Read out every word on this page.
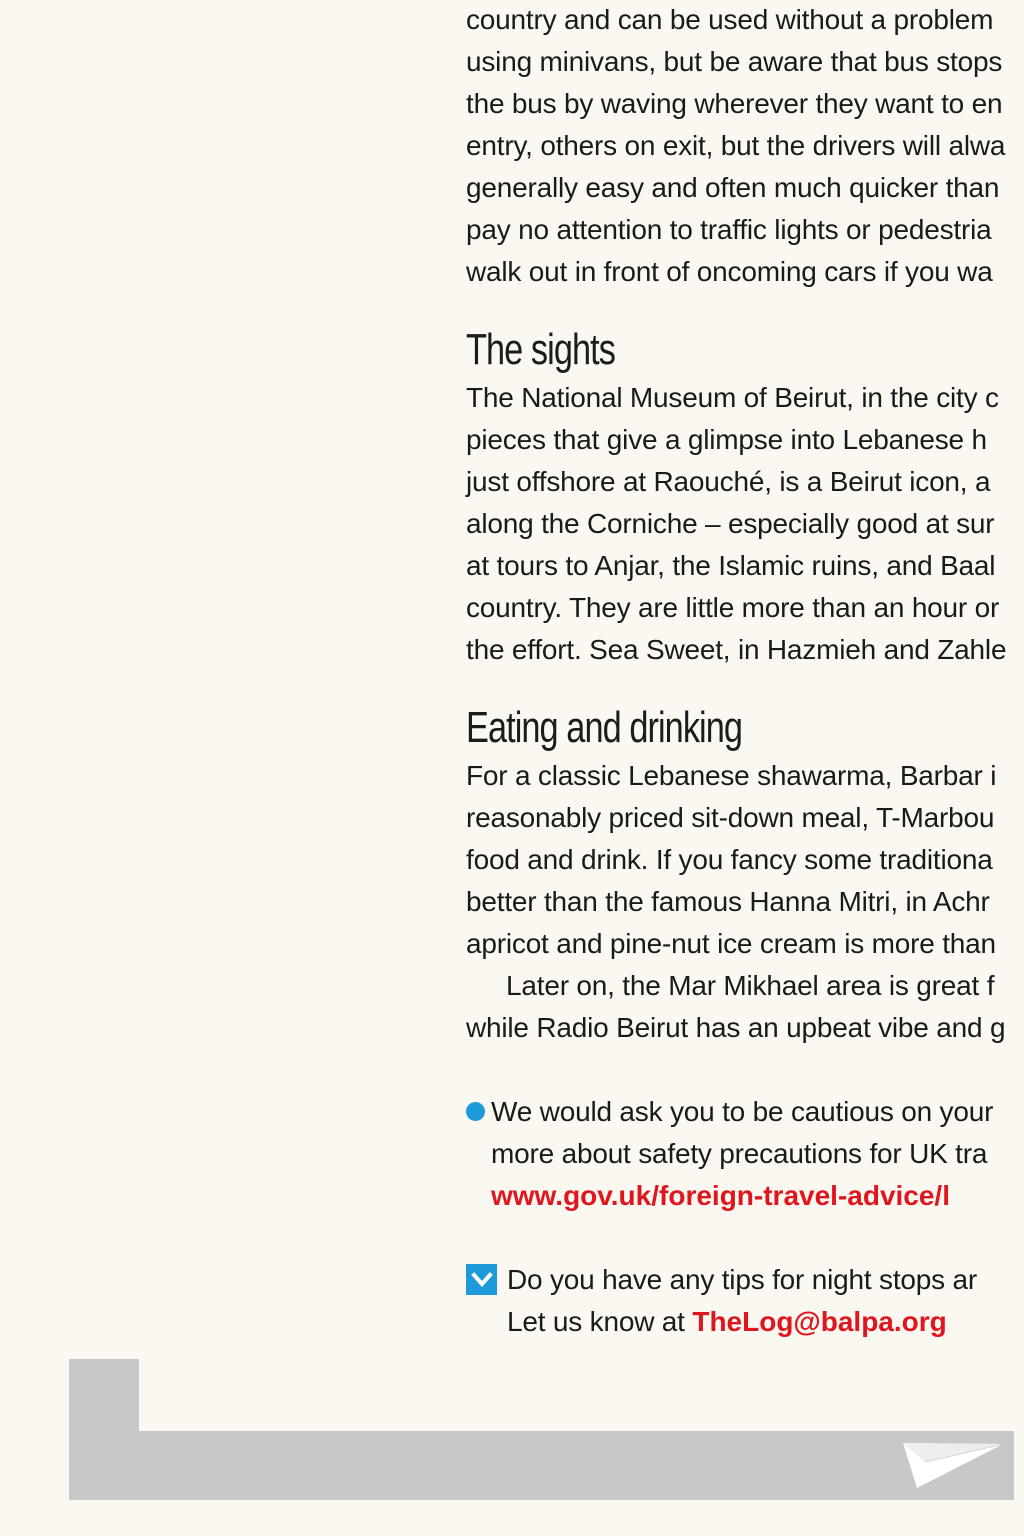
country and can be used without a problem
using minivans, but be aware that bus stops
the bus by waving wherever they want to en
entry, others on exit, but the drivers will alwa
generally easy and often much quicker than
pay no attention to traffic lights or pedestria
walk out in front of oncoming cars if you wa
The sights
The National Museum of Beirut, in the city c
pieces that give a glimpse into Lebanese h
just offshore at Raouché, is a Beirut icon, a
along the Corniche – especially good at sur
at tours to Anjar, the Islamic ruins, and Baal
country. They are little more than an hour or
the effort. Sea Sweet, in Hazmieh and Zahle
Eating and drinking
For a classic Lebanese shawarma, Barbar i
reasonably priced sit-down meal, T-Marbou
food and drink. If you fancy some traditiona
better than the famous Hanna Mitri, in Achr
apricot and pine-nut ice cream is more than
Later on, the Mar Mikhael area is great f
while Radio Beirut has an upbeat vibe and g
We would ask you to be cautious on your
more about safety precautions for UK tra
www.gov.uk/foreign-travel-advice/l
Do you have any tips for night stops ar
Let us know at TheLog@balpa.org
